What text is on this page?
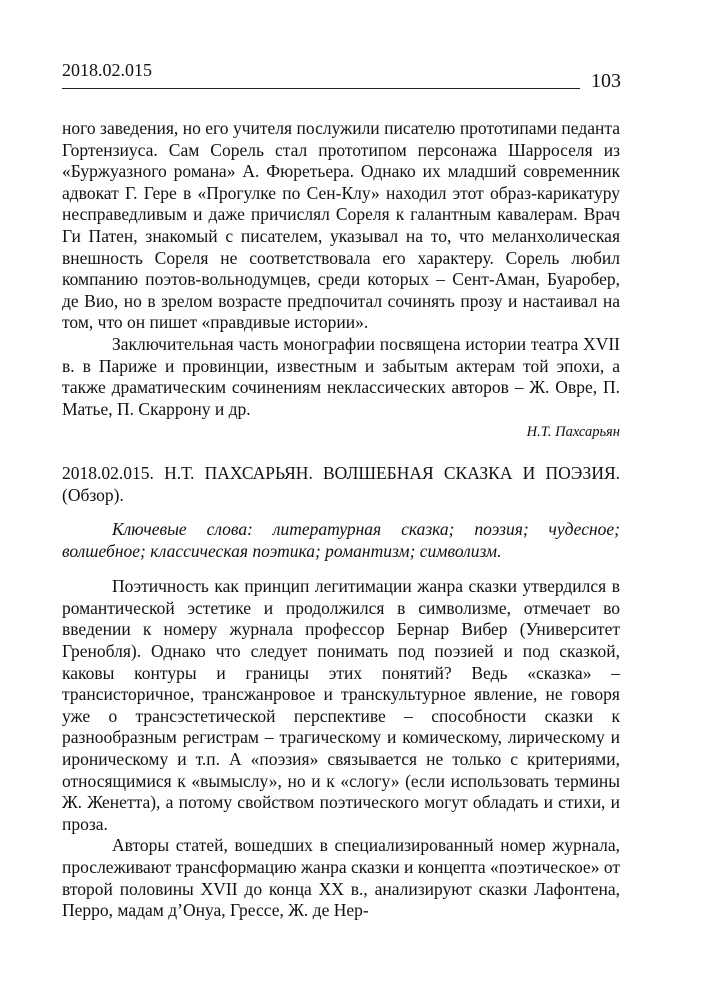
2018.02.015	103

ного заведения, но его учителя послужили писателю прототипами педанта Гортензиуса. Сам Сорель стал прототипом персонажа Шарроселя из «Буржуазного романа» А. Фюретьера. Однако их младший современник адвокат Г. Гере в «Прогулке по Сен-Клу» находил этот образ-карикатуру несправедливым и даже причислял Сореля к галантным кавалерам. Врач Ги Патен, знакомый с писателем, указывал на то, что меланхолическая внешность Сореля не соответствовала его характеру. Сорель любил компанию поэтов-вольнодумцев, среди которых – Сент-Аман, Буаробер, де Вио, но в зрелом возрасте предпочитал сочинять прозу и настаивал на том, что он пишет «правдивые истории».

Заключительная часть монографии посвящена истории театра XVII в. в Париже и провинции, известным и забытым актерам той эпохи, а также драматическим сочинениям неклассических авторов – Ж. Овре, П. Матье, П. Скаррону и др.

Н.Т. Пахсарьян

2018.02.015. Н.Т. ПАХСАРЬЯН. ВОЛШЕБНАЯ СКАЗКА И ПОЭЗИЯ. (Обзор).

Ключевые слова: литературная сказка; поэзия; чудесное; волшебное; классическая поэтика; романтизм; символизм.

Поэтичность как принцип легитимации жанра сказки утвердился в романтической эстетике и продолжился в символизме, отмечает во введении к номеру журнала профессор Бернар Вибер (Университет Гренобля). Однако что следует понимать под поэзией и под сказкой, каковы контуры и границы этих понятий? Ведь «сказка» – трансисторичное, трансжанровое и транскультурное явление, не говоря уже о трансэстетической перспективе – способности сказки к разнообразным регистрам – трагическому и комическому, лирическому и ироническому и т.п. А «поэзия» связывается не только с критериями, относящимися к «вымыслу», но и к «слогу» (если использовать термины Ж. Женетта), а потому свойством поэтического могут обладать и стихи, и проза.

Авторы статей, вошедших в специализированный номер журнала, прослеживают трансформацию жанра сказки и концепта «поэтическое» от второй половины XVII до конца XX в., анализируют сказки Лафонтена, Перро, мадам д’Онуа, Грессе, Ж. де Нер-
